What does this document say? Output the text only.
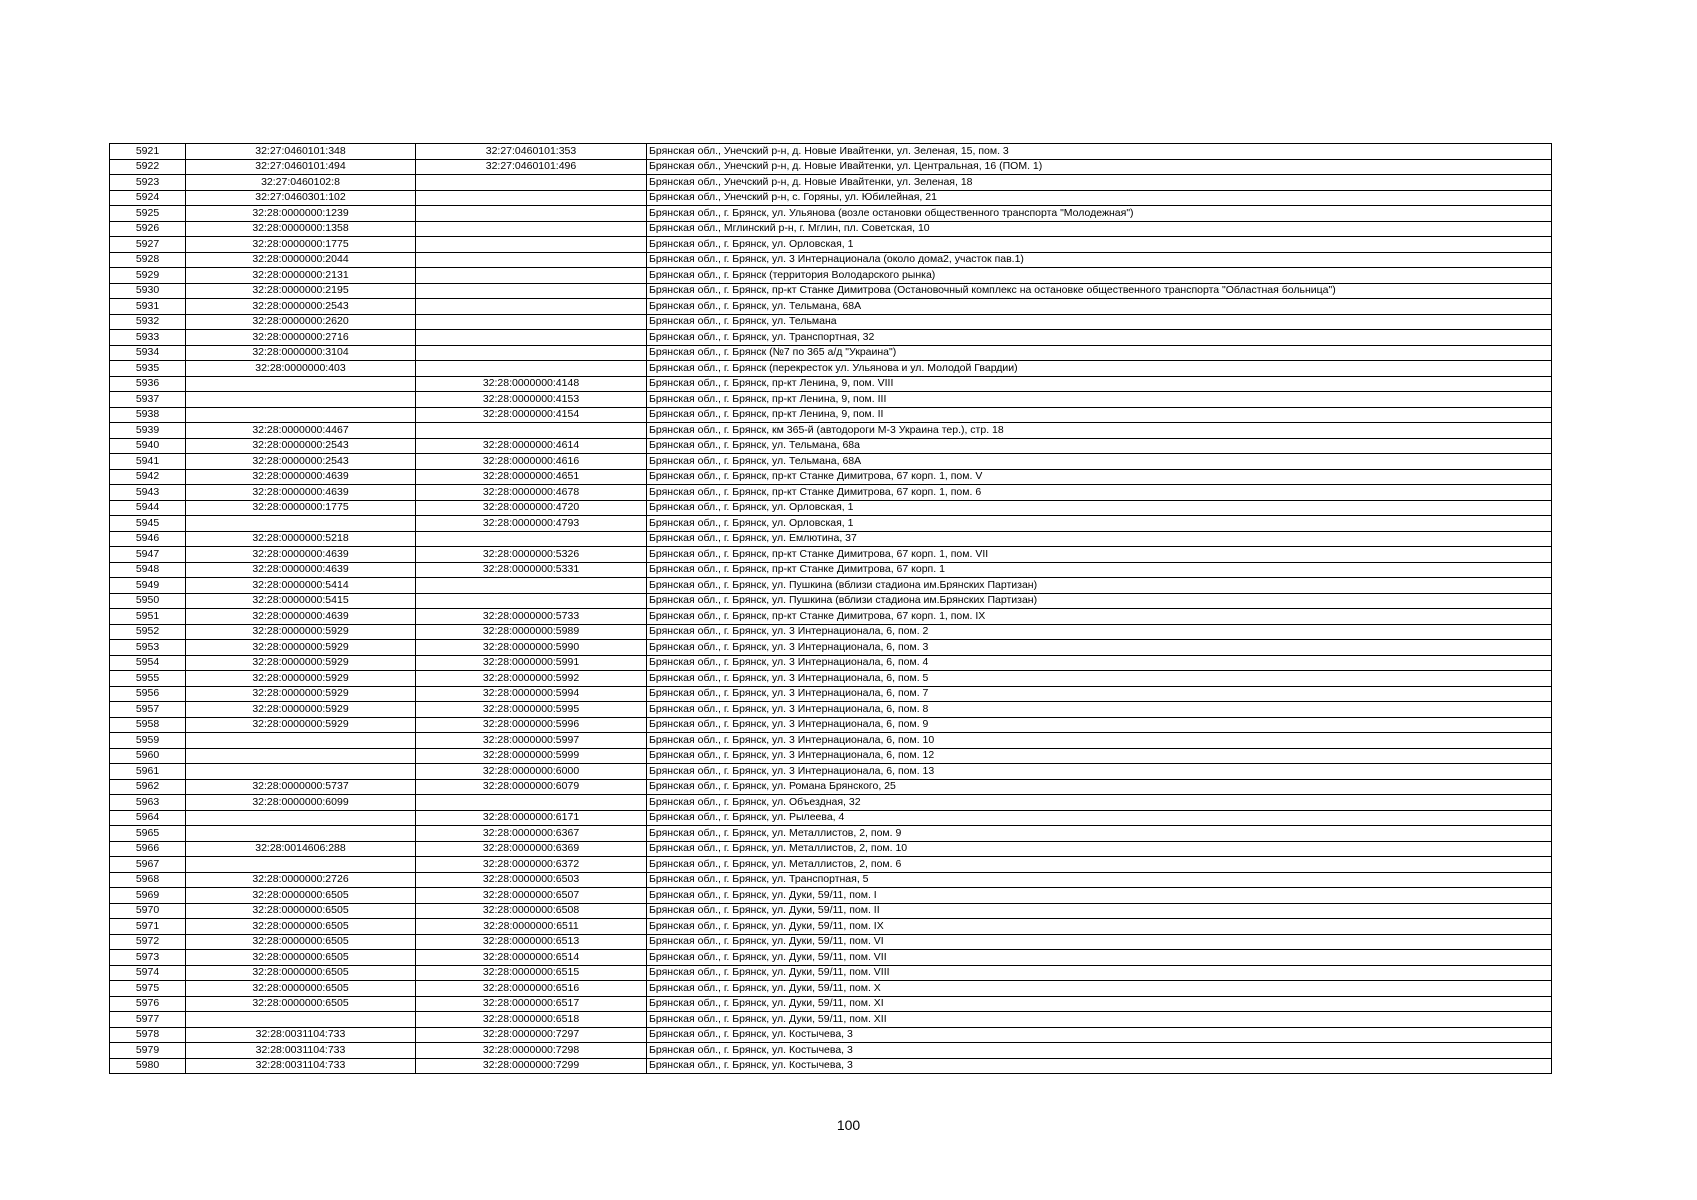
5921	32:27:0460101:348	32:27:0460101:353	Брянская обл., Унечский р-н, д. Новые Ивайтенки, ул. Зеленая, 15, пом. 3
5922	32:27:0460101:494	32:27:0460101:496	Брянская обл., Унечский р-н, д. Новые Ивайтенки, ул. Центральная, 16 (ПОМ. 1)
5923	32:27:0460102:8		Брянская обл., Унечский р-н, д. Новые Ивайтенки, ул. Зеленая, 18
5924	32:27:0460301:102		Брянская обл., Унечский р-н, с. Горяны, ул. Юбилейная, 21
5925	32:28:0000000:1239		Брянская обл., г. Брянск, ул. Ульянова (возле остановки общественного транспорта "Молодежная")
5926	32:28:0000000:1358		Брянская обл., Мглинский р-н, г. Мглин, пл. Советская, 10
5927	32:28:0000000:1775		Брянская обл., г. Брянск, ул. Орловская, 1
5928	32:28:0000000:2044		Брянская обл., г. Брянск, ул. 3 Интернационала (около дома2, участок пав.1)
5929	32:28:0000000:2131		Брянская обл., г. Брянск (территория Володарского рынка)
5930	32:28:0000000:2195		Брянская обл., г. Брянск, пр-кт Станке Димитрова (Остановочный комплекс на остановке общественного транспорта "Областная больница")
5931	32:28:0000000:2543		Брянская обл., г. Брянск, ул. Тельмана, 68А
5932	32:28:0000000:2620		Брянская обл., г. Брянск, ул. Тельмана
5933	32:28:0000000:2716		Брянская обл., г. Брянск, ул. Транспортная, 32
5934	32:28:0000000:3104		Брянская обл., г. Брянск (№7 по 365 а/д "Украина")
5935	32:28:0000000:403		Брянская обл., г. Брянск (перекресток ул. Ульянова и ул. Молодой Гвардии)
5936		32:28:0000000:4148	Брянская обл., г. Брянск, пр-кт Ленина, 9, пом. VIII
5937		32:28:0000000:4153	Брянская обл., г. Брянск, пр-кт Ленина, 9, пом. III
5938		32:28:0000000:4154	Брянская обл., г. Брянск, пр-кт Ленина, 9, пом. II
5939	32:28:0000000:4467		Брянская обл., г. Брянск, км 365-й (автодороги М-3 Украина тер.), стр. 18
5940	32:28:0000000:2543	32:28:0000000:4614	Брянская обл., г. Брянск, ул. Тельмана, 68а
5941	32:28:0000000:2543	32:28:0000000:4616	Брянская обл., г. Брянск, ул. Тельмана, 68А
5942	32:28:0000000:4639	32:28:0000000:4651	Брянская обл., г. Брянск, пр-кт Станке Димитрова, 67 корп. 1, пом. V
5943	32:28:0000000:4639	32:28:0000000:4678	Брянская обл., г. Брянск, пр-кт Станке Димитрова, 67 корп. 1, пом. 6
5944	32:28:0000000:1775	32:28:0000000:4720	Брянская обл., г. Брянск, ул. Орловская, 1
5945		32:28:0000000:4793	Брянская обл., г. Брянск, ул. Орловская, 1
5946	32:28:0000000:5218		Брянская обл., г. Брянск, ул. Емлютина, 37
5947	32:28:0000000:4639	32:28:0000000:5326	Брянская обл., г. Брянск, пр-кт Станке Димитрова, 67 корп. 1, пом. VII
5948	32:28:0000000:4639	32:28:0000000:5331	Брянская обл., г. Брянск, пр-кт Станке Димитрова, 67 корп. 1
5949	32:28:0000000:5414		Брянская обл., г. Брянск, ул. Пушкина (вблизи стадиона им.Брянских Партизан)
5950	32:28:0000000:5415		Брянская обл., г. Брянск, ул. Пушкина (вблизи стадиона им.Брянских Партизан)
5951	32:28:0000000:4639	32:28:0000000:5733	Брянская обл., г. Брянск, пр-кт Станке Димитрова, 67 корп. 1, пом. IX
5952	32:28:0000000:5929	32:28:0000000:5989	Брянская обл., г. Брянск, ул. 3 Интернационала, 6, пом. 2
5953	32:28:0000000:5929	32:28:0000000:5990	Брянская обл., г. Брянск, ул. 3 Интернационала, 6, пом. 3
5954	32:28:0000000:5929	32:28:0000000:5991	Брянская обл., г. Брянск, ул. 3 Интернационала, 6, пом. 4
5955	32:28:0000000:5929	32:28:0000000:5992	Брянская обл., г. Брянск, ул. 3 Интернационала, 6, пом. 5
5956	32:28:0000000:5929	32:28:0000000:5994	Брянская обл., г. Брянск, ул. 3 Интернационала, 6, пом. 7
5957	32:28:0000000:5929	32:28:0000000:5995	Брянская обл., г. Брянск, ул. 3 Интернационала, 6, пом. 8
5958	32:28:0000000:5929	32:28:0000000:5996	Брянская обл., г. Брянск, ул. 3 Интернационала, 6, пом. 9
5959		32:28:0000000:5997	Брянская обл., г. Брянск, ул. 3 Интернационала, 6, пом. 10
5960		32:28:0000000:5999	Брянская обл., г. Брянск, ул. 3 Интернационала, 6, пом. 12
5961		32:28:0000000:6000	Брянская обл., г. Брянск, ул. 3 Интернационала, 6, пом. 13
5962	32:28:0000000:5737	32:28:0000000:6079	Брянская обл., г. Брянск, ул. Романа Брянского, 25
5963	32:28:0000000:6099		Брянская обл., г. Брянск, ул. Объездная, 32
5964		32:28:0000000:6171	Брянская обл., г. Брянск, ул. Рылеева, 4
5965		32:28:0000000:6367	Брянская обл., г. Брянск, ул. Металлистов, 2, пом. 9
5966	32:28:0014606:288	32:28:0000000:6369	Брянская обл., г. Брянск, ул. Металлистов, 2, пом. 10
5967		32:28:0000000:6372	Брянская обл., г. Брянск, ул. Металлистов, 2, пом. 6
5968	32:28:0000000:2726	32:28:0000000:6503	Брянская обл., г. Брянск, ул. Транспортная, 5
5969	32:28:0000000:6505	32:28:0000000:6507	Брянская обл., г. Брянск, ул. Дуки, 59/11, пом. I
5970	32:28:0000000:6505	32:28:0000000:6508	Брянская обл., г. Брянск, ул. Дуки, 59/11, пом. II
5971	32:28:0000000:6505	32:28:0000000:6511	Брянская обл., г. Брянск, ул. Дуки, 59/11, пом. IX
5972	32:28:0000000:6505	32:28:0000000:6513	Брянская обл., г. Брянск, ул. Дуки, 59/11, пом. VI
5973	32:28:0000000:6505	32:28:0000000:6514	Брянская обл., г. Брянск, ул. Дуки, 59/11, пом. VII
5974	32:28:0000000:6505	32:28:0000000:6515	Брянская обл., г. Брянск, ул. Дуки, 59/11, пом. VIII
5975	32:28:0000000:6505	32:28:0000000:6516	Брянская обл., г. Брянск, ул. Дуки, 59/11, пом. X
5976	32:28:0000000:6505	32:28:0000000:6517	Брянская обл., г. Брянск, ул. Дуки, 59/11, пом. XI
5977		32:28:0000000:6518	Брянская обл., г. Брянск, ул. Дуки, 59/11, пом. XII
5978	32:28:0031104:733	32:28:0000000:7297	Брянская обл., г. Брянск, ул. Костычева, 3
5979	32:28:0031104:733	32:28:0000000:7298	Брянская обл., г. Брянск, ул. Костычева, 3
5980	32:28:0031104:733	32:28:0000000:7299	Брянская обл., г. Брянск, ул. Костычева, 3
100
